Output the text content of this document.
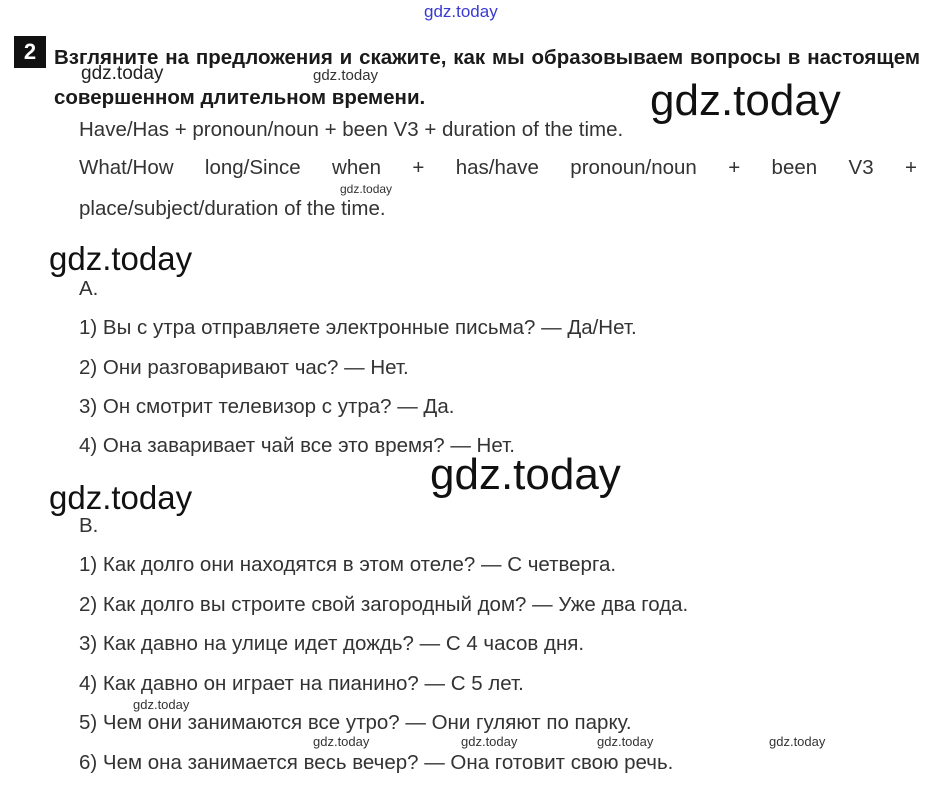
gdz.today
2 Взгляните на предложения и скажите, как мы образовываем вопросы в настоящем совершенном длительном времени.
Have/Has + pronoun/noun + been V3 + duration of the time.
What/How long/Since when + has/have pronoun/noun + been V3 +
place/subject/duration of the time.
A.
1) Вы с утра отправляете электронные письма? — Да/Нет.
2) Они разговаривают час? — Нет.
3) Он смотрит телевизор с утра? — Да.
4) Она заваривает чай все это время? — Нет.
B.
1) Как долго они находятся в этом отеле? — С четверга.
2) Как долго вы строите свой загородный дом? — Уже два года.
3) Как давно на улице идет дождь? — С 4 часов дня.
4) Как давно он играет на пианино? — С 5 лет.
5) Чем они занимаются все утро? — Они гуляют по парку.
6) Чем она занимается весь вечер? — Она готовит свою речь.
gdz.today	gdz.today
gdz.today
gdz.today
gdz.today
gdz.today
gdz.today
gdz.today
gdz.today	gdz.today	gdz.today	gdz.today
